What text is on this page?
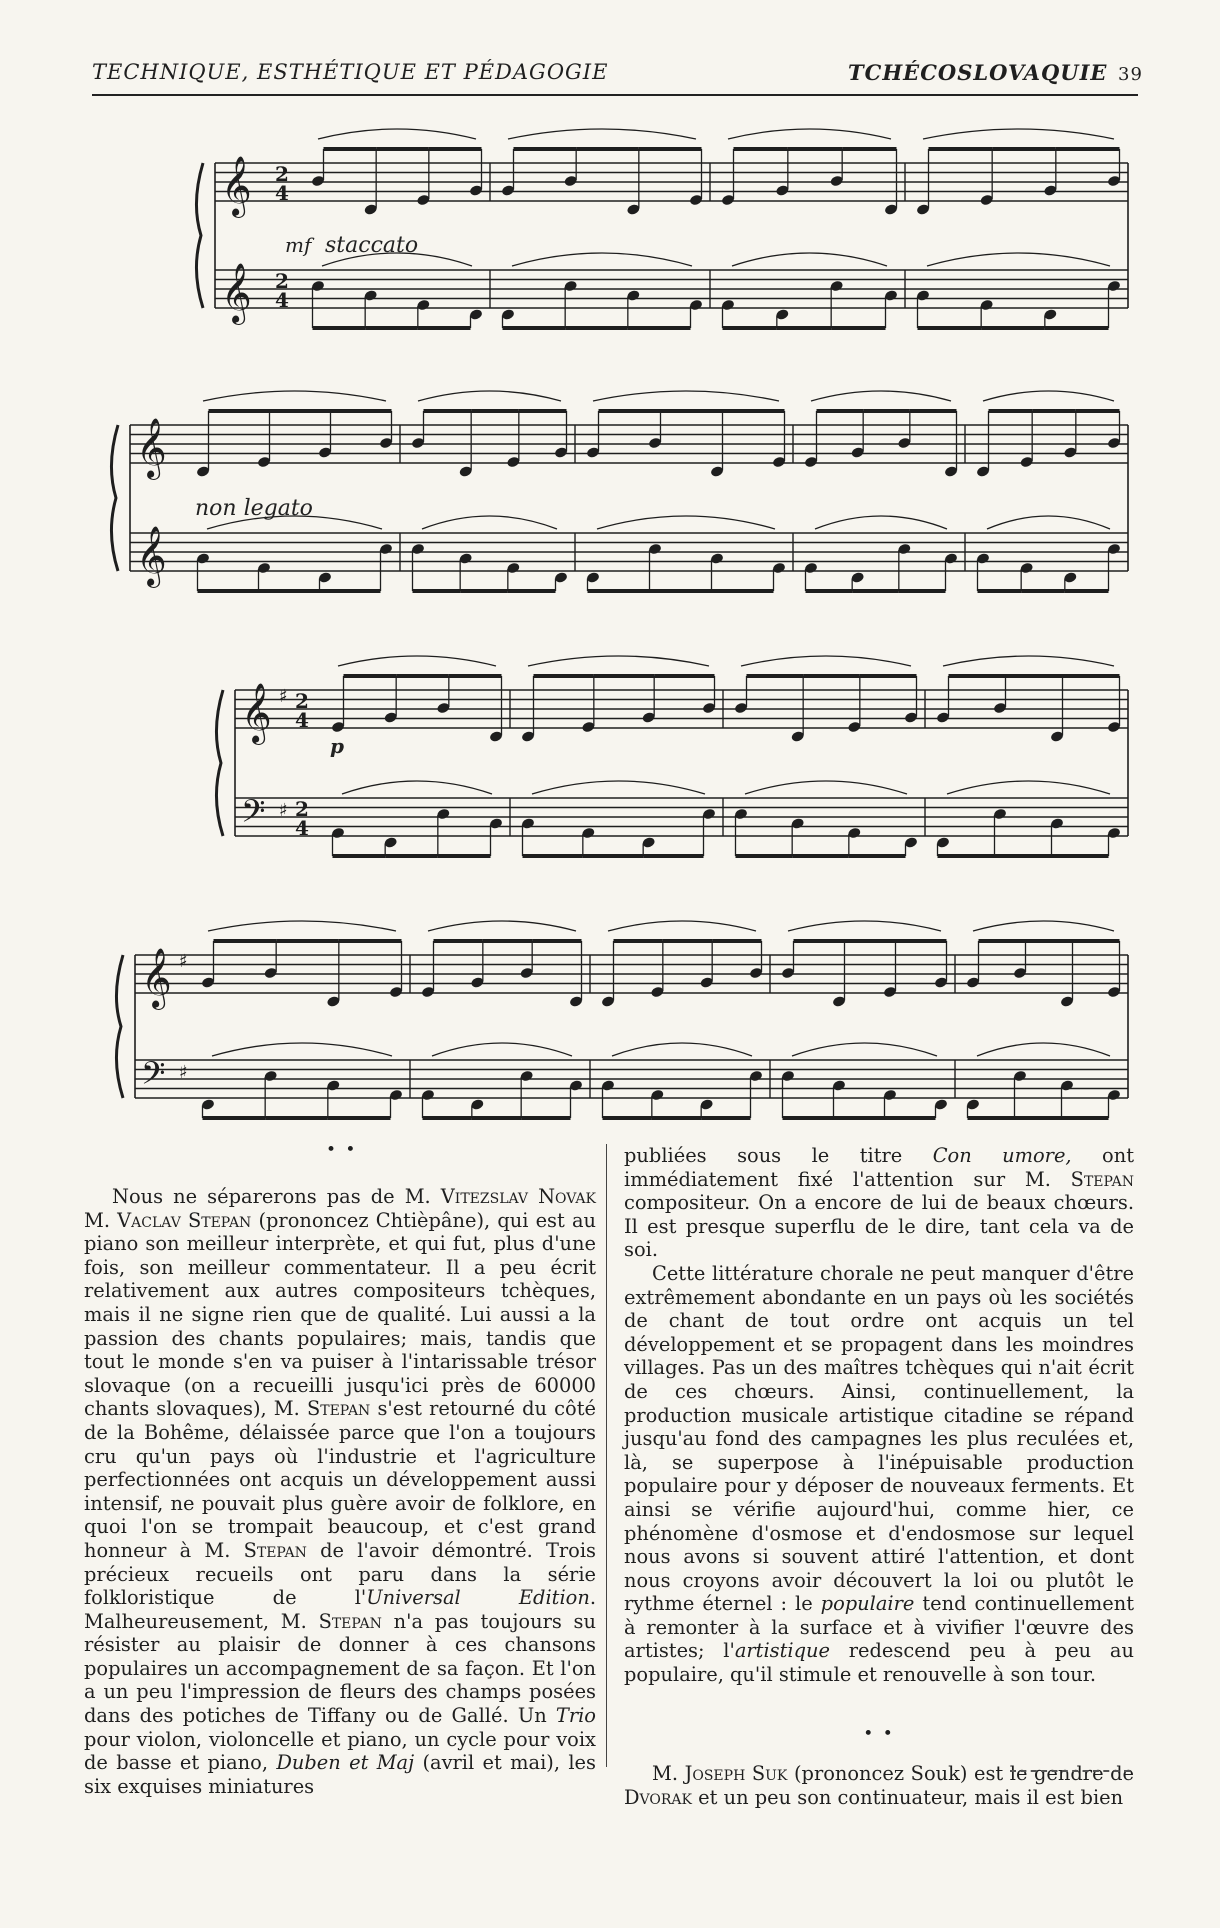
TECHNIQUE, ESTHÉTIQUE ET PÉDAGOGIE	TCHÉCOSLOVAQUIE 39
𝄞
𝄞
2
4
2
4
𝄞
𝄞
𝄞
𝄢
♯
♯
2
4
2
4
𝄞
𝄢
♯
♯
mf staccato
non legato
p
• •

Nous ne séparerons pas de M. Vitezslav Novak M. Vaclav Stepan (prononcez Chtièpâne), qui est au piano son meilleur interprète, et qui fut, plus d'une fois, son meilleur commentateur. Il a peu écrit relativement aux autres compositeurs tchèques, mais il ne signe rien que de qualité. Lui aussi a la passion des chants populaires; mais, tandis que tout le monde s'en va puiser à l'intarissable trésor slovaque (on a recueilli jusqu'ici près de 60000 chants slovaques), M. Stepan s'est retourné du côté de la Bohême, délaissée parce que l'on a toujours cru qu'un pays où l'industrie et l'agriculture perfectionnées ont acquis un développement aussi intensif, ne pouvait plus guère avoir de folklore, en quoi l'on se trompait beaucoup, et c'est grand honneur à M. Stepan de l'avoir démontré. Trois précieux recueils ont paru dans la série folkloristique de l'Universal Edition. Malheureusement, M. Stepan n'a pas toujours su résister au plaisir de donner à ces chansons populaires un accompagnement de sa façon. Et l'on a un peu l'impression de fleurs des champs posées dans des potiches de Tiffany ou de Gallé. Un Trio pour violon, violoncelle et piano, un cycle pour voix de basse et piano, Duben et Maj (avril et mai), les six exquises miniatures

publiées sous le titre Con umore, ont immédiatement fixé l'attention sur M. Stepan compositeur. On a encore de lui de beaux chœurs. Il est presque superflu de le dire, tant cela va de soi.

Cette littérature chorale ne peut manquer d'être extrêmement abondante en un pays où les sociétés de chant de tout ordre ont acquis un tel développement et se propagent dans les moindres villages. Pas un des maîtres tchèques qui n'ait écrit de ces chœurs. Ainsi, continuellement, la production musicale artistique citadine se répand jusqu'au fond des campagnes les plus reculées et, là, se superpose à l'inépuisable production populaire pour y déposer de nouveaux ferments. Et ainsi se vérifie aujourd'hui, comme hier, ce phénomène d'osmose et d'endosmose sur lequel nous avons si souvent attiré l'attention, et dont nous croyons avoir découvert la loi ou plutôt le rythme éternel : le populaire tend continuellement à remonter à la surface et à vivifier l'œuvre des artistes; l'artistique redescend peu à peu au populaire, qu'il stimule et renouvelle à son tour.

• •

M. Joseph Suk (prononcez Souk) est le gendre de Dvorak et un peu son continuateur, mais il est bien
